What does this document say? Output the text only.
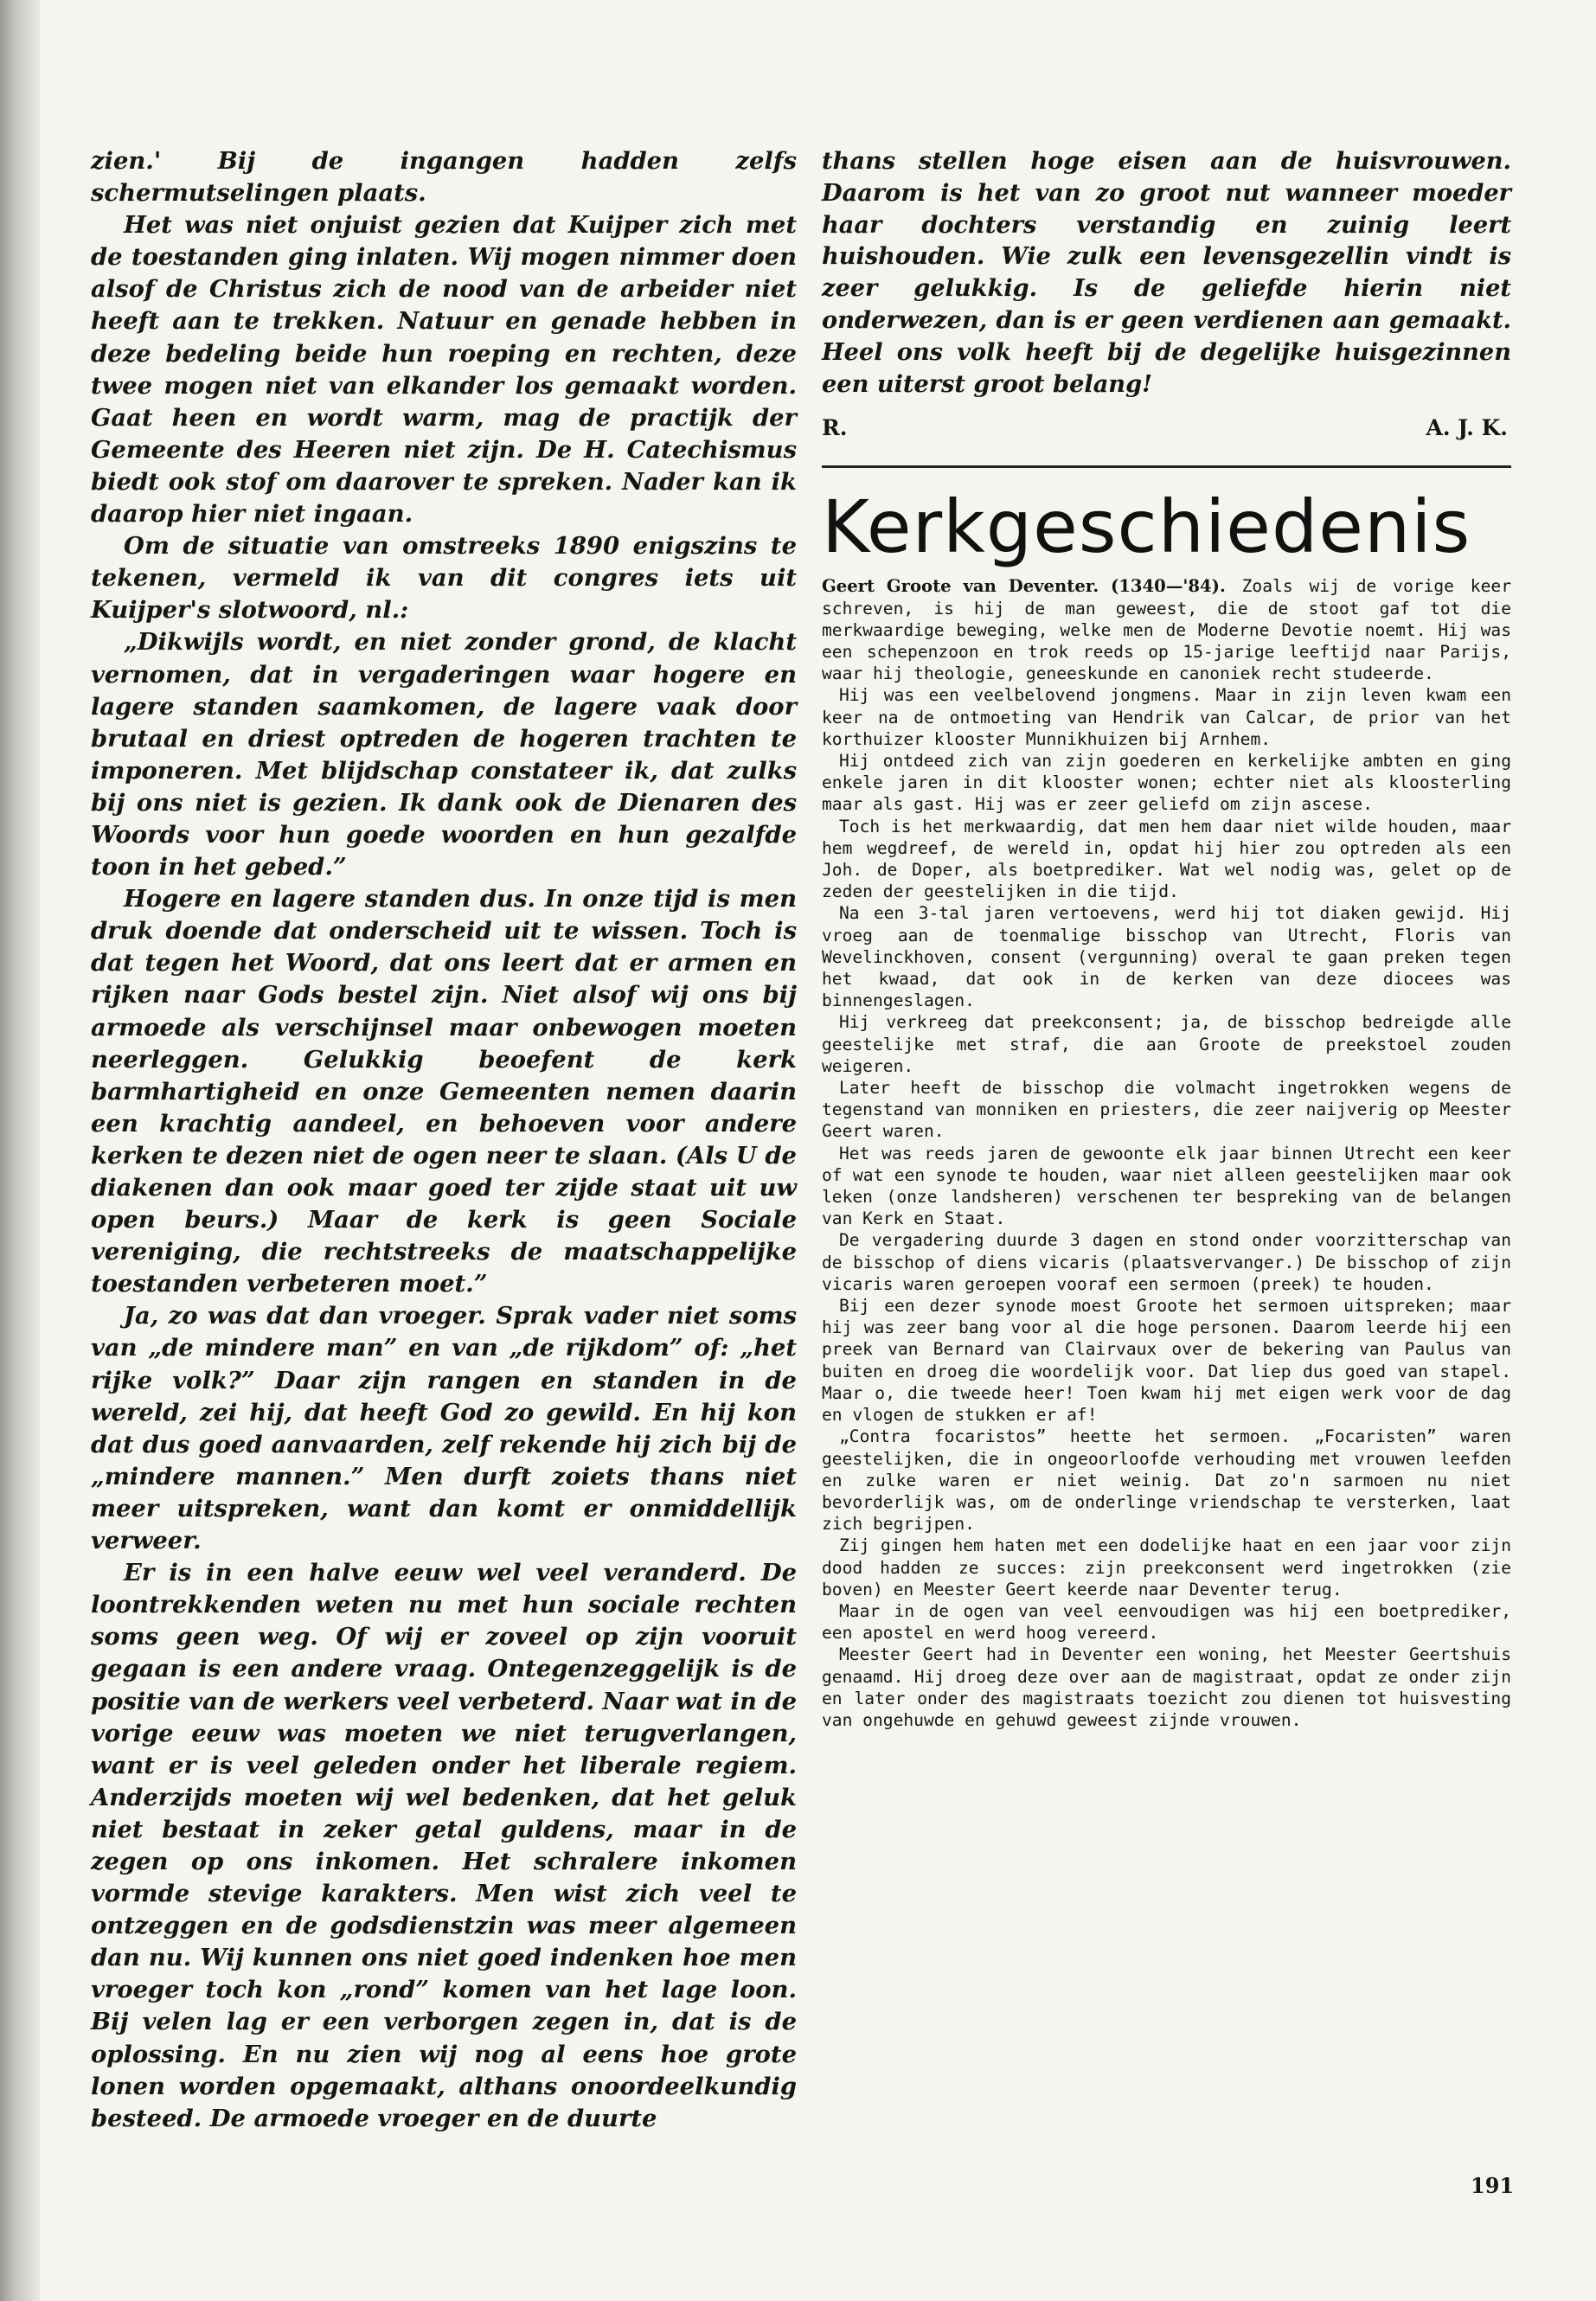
zien.' Bij de ingangen hadden zelfs schermutselingen plaats.

Het was niet onjuist gezien dat Kuijper zich met de toestanden ging inlaten. Wij mogen nimmer doen alsof de Christus zich de nood van de arbeider niet heeft aan te trekken. Natuur en genade hebben in deze bedeling beide hun roeping en rechten, deze twee mogen niet van elkander los gemaakt worden. Gaat heen en wordt warm, mag de practijk der Gemeente des Heeren niet zijn. De H. Catechismus biedt ook stof om daarover te spreken. Nader kan ik daarop hier niet ingaan.

Om de situatie van omstreeks 1890 enigszins te tekenen, vermeld ik van dit congres iets uit Kuijper's slotwoord, nl.:

„Dikwijls wordt, en niet zonder grond, de klacht vernomen, dat in vergaderingen waar hogere en lagere standen saamkomen, de lagere vaak door brutaal en driest optreden de hogeren trachten te imponeren. Met blijdschap constateer ik, dat zulks bij ons niet is gezien. Ik dank ook de Dienaren des Woords voor hun goede woorden en hun gezalfde toon in het gebed.”

Hogere en lagere standen dus. In onze tijd is men druk doende dat onderscheid uit te wissen. Toch is dat tegen het Woord, dat ons leert dat er armen en rijken naar Gods bestel zijn. Niet alsof wij ons bij armoede als verschijnsel maar onbewogen moeten neerleggen. Gelukkig beoefent de kerk barmhartigheid en onze Gemeenten nemen daarin een krachtig aandeel, en behoeven voor andere kerken te dezen niet de ogen neer te slaan. (Als U de diakenen dan ook maar goed ter zijde staat uit uw open beurs.) Maar de kerk is geen Sociale vereniging, die rechtstreeks de maatschappelijke toestanden verbeteren moet.”

Ja, zo was dat dan vroeger. Sprak vader niet soms van „de mindere man” en van „de rijkdom” of: „het rijke volk?” Daar zijn rangen en standen in de wereld, zei hij, dat heeft God zo gewild. En hij kon dat dus goed aanvaarden, zelf rekende hij zich bij de „mindere mannen.” Men durft zoiets thans niet meer uitspreken, want dan komt er onmiddellijk verweer.

Er is in een halve eeuw wel veel veranderd. De loontrekkenden weten nu met hun sociale rechten soms geen weg. Of wij er zoveel op zijn vooruit gegaan is een andere vraag. Ontegenzeggelijk is de positie van de werkers veel verbeterd. Naar wat in de vorige eeuw was moeten we niet terugverlangen, want er is veel geleden onder het liberale regiem. Anderzijds moeten wij wel bedenken, dat het geluk niet bestaat in zeker getal guldens, maar in de zegen op ons inkomen. Het schralere inkomen vormde stevige karakters. Men wist zich veel te ontzeggen en de godsdienstzin was meer algemeen dan nu. Wij kunnen ons niet goed indenken hoe men vroeger toch kon „rond” komen van het lage loon. Bij velen lag er een verborgen zegen in, dat is de oplossing. En nu zien wij nog al eens hoe grote lonen worden opgemaakt, althans onoordeelkundig besteed. De armoede vroeger en de duurte

thans stellen hoge eisen aan de huisvrouwen. Daarom is het van zo groot nut wanneer moeder haar dochters verstandig en zuinig leert huishouden. Wie zulk een levensgezellin vindt is zeer gelukkig. Is de geliefde hierin niet onderwezen, dan is er geen verdienen aan gemaakt. Heel ons volk heeft bij de degelijke huisgezinnen een uiterst groot belang!

R.	A. J. K.
Kerkgeschiedenis

Geert Groote van Deventer. (1340—'84). Zoals wij de vorige keer schreven, is hij de man geweest, die de stoot gaf tot die merkwaardige beweging, welke men de Moderne Devotie noemt. Hij was een schepenzoon en trok reeds op 15-jarige leeftijd naar Parijs, waar hij theologie, geneeskunde en canoniek recht studeerde.

Hij was een veelbelovend jongmens. Maar in zijn leven kwam een keer na de ontmoeting van Hendrik van Calcar, de prior van het korthuizer klooster Munnikhuizen bij Arnhem.

Hij ontdeed zich van zijn goederen en kerkelijke ambten en ging enkele jaren in dit klooster wonen; echter niet als kloosterling maar als gast. Hij was er zeer geliefd om zijn ascese.

Toch is het merkwaardig, dat men hem daar niet wilde houden, maar hem wegdreef, de wereld in, opdat hij hier zou optreden als een Joh. de Doper, als boetprediker. Wat wel nodig was, gelet op de zeden der geestelijken in die tijd.

Na een 3-tal jaren vertoevens, werd hij tot diaken gewijd. Hij vroeg aan de toenmalige bisschop van Utrecht, Floris van Wevelinckhoven, consent (vergunning) overal te gaan preken tegen het kwaad, dat ook in de kerken van deze diocees was binnengeslagen.

Hij verkreeg dat preekconsent; ja, de bisschop bedreigde alle geestelijke met straf, die aan Groote de preekstoel zouden weigeren.

Later heeft de bisschop die volmacht ingetrokken wegens de tegenstand van monniken en priesters, die zeer naijverig op Meester Geert waren.

Het was reeds jaren de gewoonte elk jaar binnen Utrecht een keer of wat een synode te houden, waar niet alleen geestelijken maar ook leken (onze landsheren) verschenen ter bespreking van de belangen van Kerk en Staat.

De vergadering duurde 3 dagen en stond onder voorzitterschap van de bisschop of diens vicaris (plaatsvervanger.) De bisschop of zijn vicaris waren geroepen vooraf een sermoen (preek) te houden.

Bij een dezer synode moest Groote het sermoen uitspreken; maar hij was zeer bang voor al die hoge personen. Daarom leerde hij een preek van Bernard van Clairvaux over de bekering van Paulus van buiten en droeg die woordelijk voor. Dat liep dus goed van stapel. Maar o, die tweede heer! Toen kwam hij met eigen werk voor de dag en vlogen de stukken er af!

„Contra focaristos” heette het sermoen. „Focaristen” waren geestelijken, die in ongeoorloofde verhouding met vrouwen leefden en zulke waren er niet weinig. Dat zo'n sarmoen nu niet bevorderlijk was, om de onderlinge vriendschap te versterken, laat zich begrijpen.

Zij gingen hem haten met een dodelijke haat en een jaar voor zijn dood hadden ze succes: zijn preekconsent werd ingetrokken (zie boven) en Meester Geert keerde naar Deventer terug.

Maar in de ogen van veel eenvoudigen was hij een boetprediker, een apostel en werd hoog vereerd.

Meester Geert had in Deventer een woning, het Meester Geertshuis genaamd. Hij droeg deze over aan de magistraat, opdat ze onder zijn en later onder des magistraats toezicht zou dienen tot huisvesting van ongehuwde en gehuwd geweest zijnde vrouwen.

191
